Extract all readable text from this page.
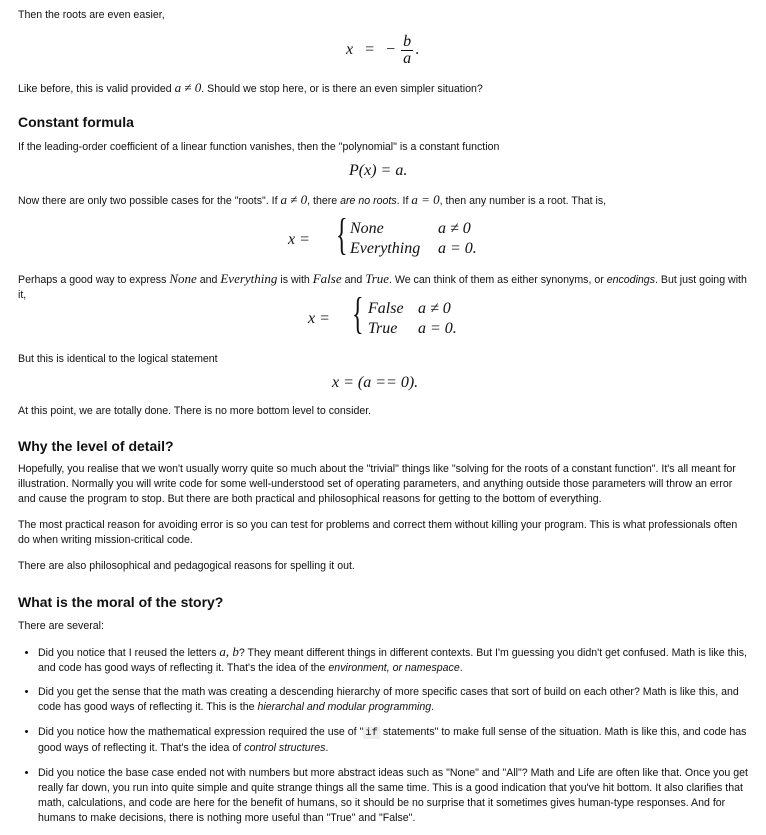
Then the roots are even easier,

x = − $\frac{b}{a}$ .

Like before, this is valid provided a ≠ 0. Should we stop here, or is there an even simpler situation?

Constant formula

If the leading-order coefficient of a linear function vanishes, then the "polynomial" is a constant function

P(x) = a.

Now there are only two possible cases for the "roots". If a ≠ 0, there are no roots. If a = 0, then any number is a root. That is,

x = { None	a ≠ 0
Everything a = 0.

Perhaps a good way to express None and Everything is with False and True. We can think of them as either synonyms, or encodings. But just going with it,

x = { False a ≠ 0
True a = 0.

But this is identical to the logical statement

x = (a == 0).

At this point, we are totally done. There is no more bottom level to consider.

Why the level of detail?

Hopefully, you realise that we won't usually worry quite so much about the "trivial" things like "solving for the roots of a constant function". It's all meant for illustration. Normally you will write code for some well-understood set of operating parameters, and anything outside those parameters will throw an error and cause the program to stop. But there are both practical and philosophical reasons for getting to the bottom of everything.

The most practical reason for avoiding error is so you can test for problems and correct them without killing your program. This is what professionals often do when writing mission-critical code.

There are also philosophical and pedagogical reasons for spelling it out.

What is the moral of the story?

There are several:

• Did you notice that I reused the letters a, b? They meant different things in different contexts. But I'm guessing you didn't get confused. Math is like this, and code has good ways of reflecting it. That's the idea of the environment, or namespace.
• Did you get the sense that the math was creating a descending hierarchy of more specific cases that sort of build on each other? Math is like this, and code has good ways of reflecting it. This is the hierarchal and modular programming.
• Did you notice how the mathematical expression required the use of " if statements" to make full sense of the situation. Math is like this, and code has good ways of reflecting it. That's the idea of control structures.
• Did you notice the base case ended not with numbers but more abstract ideas such as "None" and "All"? Math and Life are often like that. Once you get really far down, you run into quite simple and quite strange things all the same time. This is a good indication that you've hit bottom. It also clarifies that math, calculations, and code are here for the benefit of humans, so it should be no surprise that it sometimes gives human-type responses. And for humans to make decisions, there is nothing more useful than "True" and "False".
